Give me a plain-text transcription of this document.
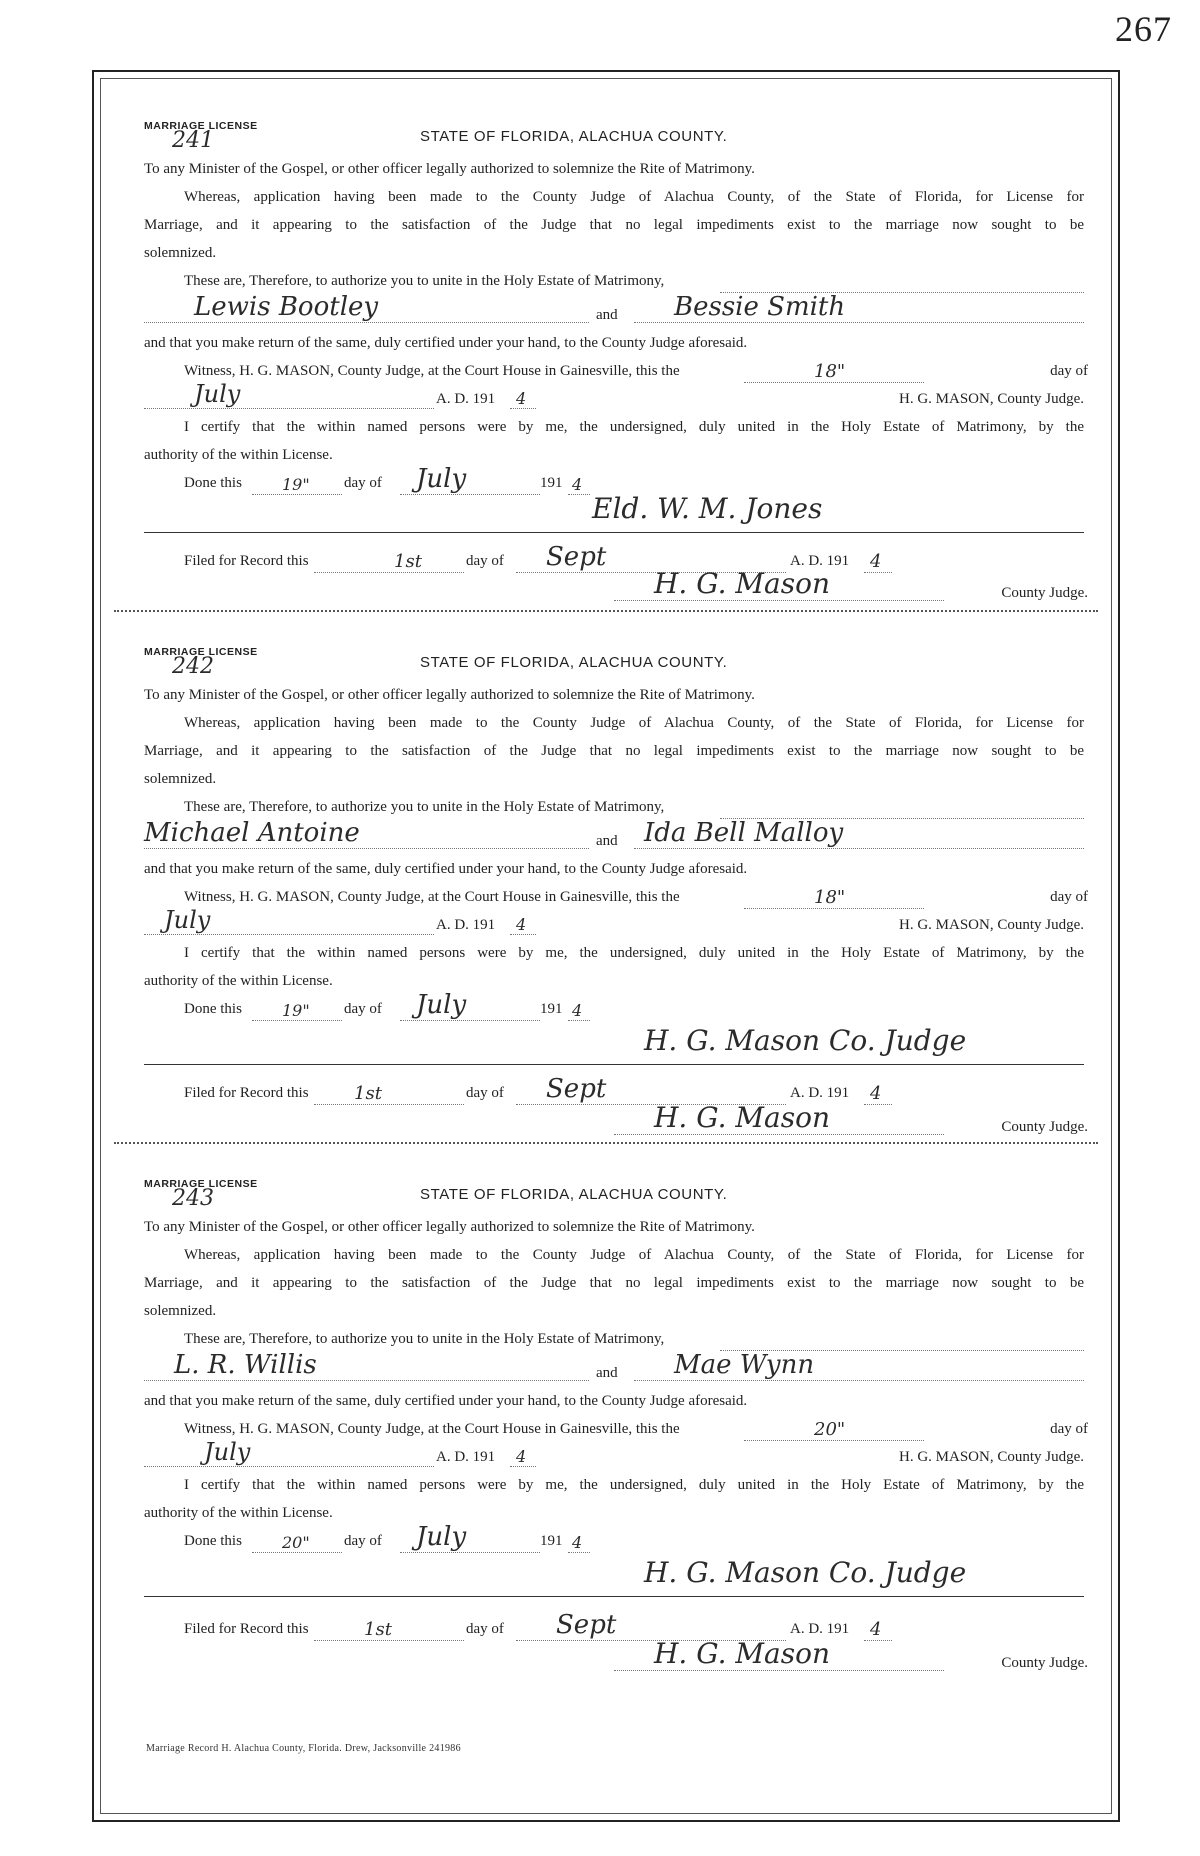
267
MARRIAGE LICENSE
241	STATE OF FLORIDA, ALACHUA COUNTY.
To any Minister of the Gospel, or other officer legally authorized to solemnize the Rite of Matrimony.
Whereas, application having been made to the County Judge of Alachua County, of the State of Florida, for License for
Marriage, and it appearing to the satisfaction of the Judge that no legal impediments exist to the marriage now sought to be
solemnized.
These are, Therefore, to authorize you to unite in the Holy Estate of Matrimony,
Lewis Bootley	and	Bessie Smith
and that you make return of the same, duly certified under your hand, to the County Judge aforesaid.
Witness, H. G. MASON, County Judge, at the Court House in Gainesville, this the	18"	day of
July	A. D. 191	4	H. G. MASON, County Judge.
I certify that the within named persons were by me, the undersigned, duly united in the Holy Estate of Matrimony, by the
authority of the within License.
Done this	19" day of	July	191 4
Eld. W. M. Jones
Filed for Record this	1st	day of	Sept	A. D. 191	4
H. G. Mason	County Judge.
MARRIAGE LICENSE
242	STATE OF FLORIDA, ALACHUA COUNTY.
To any Minister of the Gospel, or other officer legally authorized to solemnize the Rite of Matrimony.
Whereas, application having been made to the County Judge of Alachua County, of the State of Florida, for License for
Marriage, and it appearing to the satisfaction of the Judge that no legal impediments exist to the marriage now sought to be
solemnized.
These are, Therefore, to authorize you to unite in the Holy Estate of Matrimony,
Michael Antoine	and	Ida Bell Malloy
and that you make return of the same, duly certified under your hand, to the County Judge aforesaid.
Witness, H. G. MASON, County Judge, at the Court House in Gainesville, this the	18"	day of
July	A. D. 191	4	H. G. MASON, County Judge.
I certify that the within named persons were by me, the undersigned, duly united in the Holy Estate of Matrimony, by the
authority of the within License.
Done this	19" day of	July	191 4
H. G. Mason Co. Judge
Filed for Record this	1st	day of	Sept	A. D. 191	4
H. G. Mason	County Judge.
MARRIAGE LICENSE
243	STATE OF FLORIDA, ALACHUA COUNTY.
To any Minister of the Gospel, or other officer legally authorized to solemnize the Rite of Matrimony.
Whereas, application having been made to the County Judge of Alachua County, of the State of Florida, for License for
Marriage, and it appearing to the satisfaction of the Judge that no legal impediments exist to the marriage now sought to be
solemnized.
These are, Therefore, to authorize you to unite in the Holy Estate of Matrimony,
L. R. Willis	and	Mae Wynn
and that you make return of the same, duly certified under your hand, to the County Judge aforesaid.
Witness, H. G. MASON, County Judge, at the Court House in Gainesville, this the	20"	day of
July	A. D. 191	4	H. G. MASON, County Judge.
I certify that the within named persons were by me, the undersigned, duly united in the Holy Estate of Matrimony, by the
authority of the within License.
Done this	20" day of	July	191 4
H. G. Mason Co. Judge
Filed for Record this	1st	day of	Sept	A. D. 191	4
H. G. Mason	County Judge.
Marriage Record H. Alachua County, Florida. Drew, Jacksonville 241986
